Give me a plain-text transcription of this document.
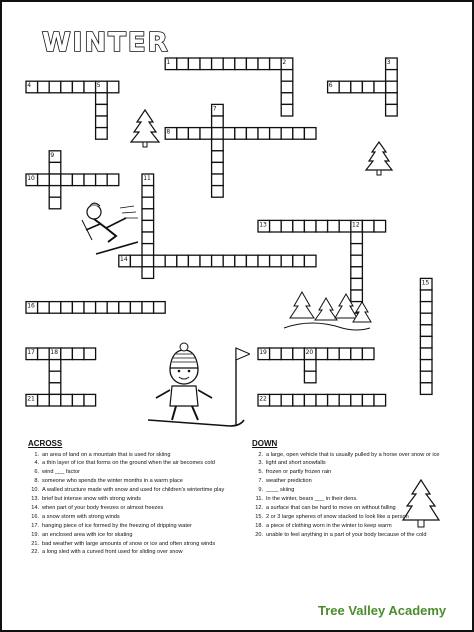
WINTER
1	2	3
4	5	6
7
8
9
10	11
12
13
14
15
16
17	18	19	20
21	22
ACROSS
1. an area of land on a mountain that is used for skiing
4. a thin layer of ice that forms on the ground when the air becomes cold
6. wind ___ factor
8. someone who spends the winter months in a warm place
10. A walled structure made with snow and used for children's wintertime play
13. brief but intense snow with strong winds
14. when part of your body freezes or almost freezes
16. a snow storm with strong winds
17. hanging piece of ice formed by the freezing of dripping water
19. an enclosed area with ice for skating
21. bad weather with large amounts of snow or ice and often strong winds
22. a long sled with a curved front used for sliding over snow
DOWN
2. a large, open vehicle that is usually pulled by a horse over snow or ice
3. light and short snowfalls
5. frozen or partly frozen rain
7. weather prediction
9. ____ skiing
11. In the winter, bears ___ in their dens.
12. a surface that can be hard to move on without falling
15. 2 or 3 large spheres of snow stacked to look like a person
18. a piece of clothing worn in the winter to keep warm
20. unable to feel anything in a part of your body because of the cold
Tree Valley Academy
